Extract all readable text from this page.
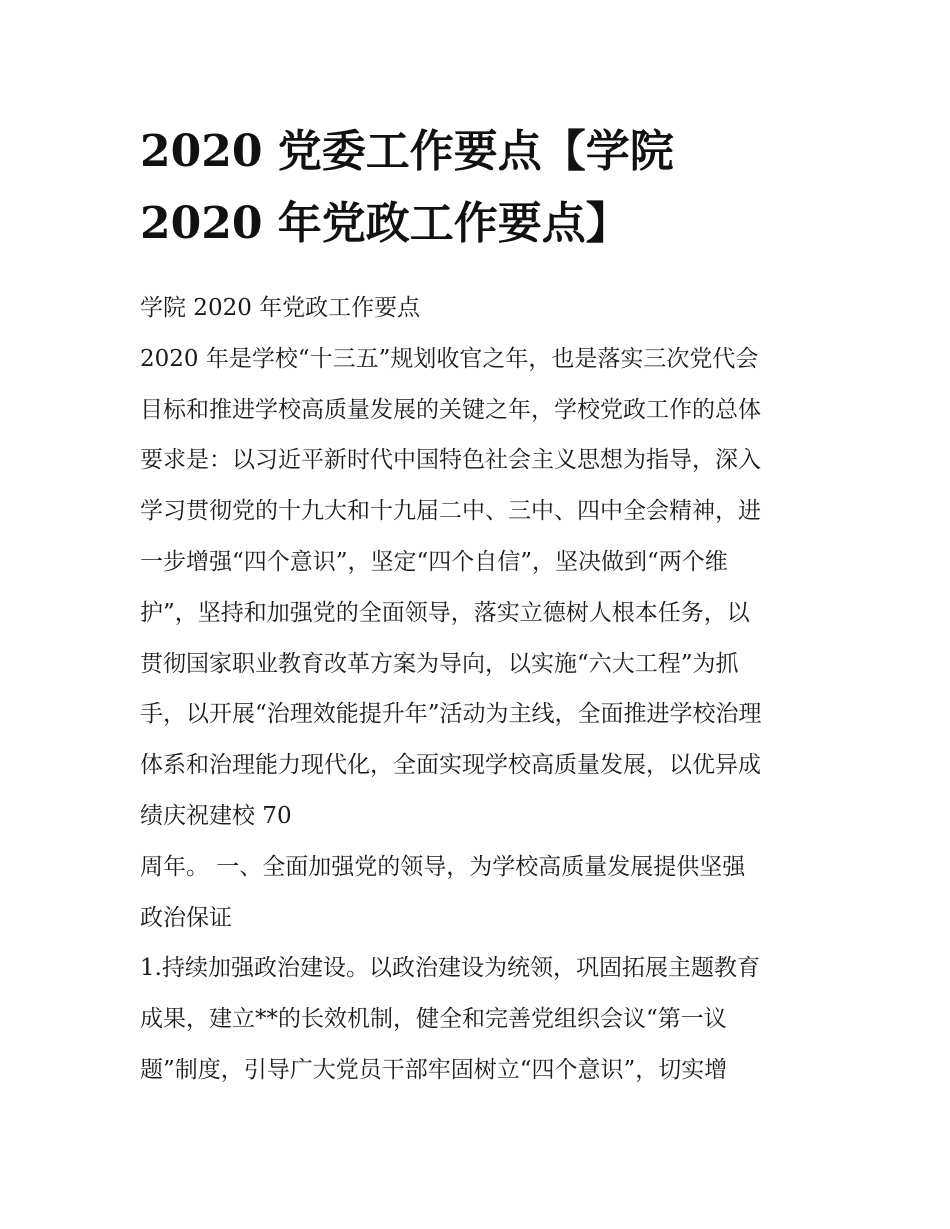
2020 党委工作要点【学院
2020 年党政工作要点】
学院 2020 年党政工作要点
2020 年是学校“十三五”规划收官之年，也是落实三次党代会
目标和推进学校高质量发展的关键之年，学校党政工作的总体
要求是：以习近平新时代中国特色社会主义思想为指导，深入
学习贯彻党的十九大和十九届二中、三中、四中全会精神，进
一步增强“四个意识”，坚定“四个自信”，坚决做到“两个维
护”，坚持和加强党的全面领导，落实立德树人根本任务，以
贯彻国家职业教育改革方案为导向，以实施“六大工程”为抓
手，以开展“治理效能提升年”活动为主线，全面推进学校治理
体系和治理能力现代化，全面实现学校高质量发展，以优异成
绩庆祝建校 70
周年。 一、全面加强党的领导，为学校高质量发展提供坚强
政治保证
1.持续加强政治建设。以政治建设为统领，巩固拓展主题教育
成果，建立**的长效机制，健全和完善党组织会议“第一议
题”制度，引导广大党员干部牢固树立“四个意识”，切实增
